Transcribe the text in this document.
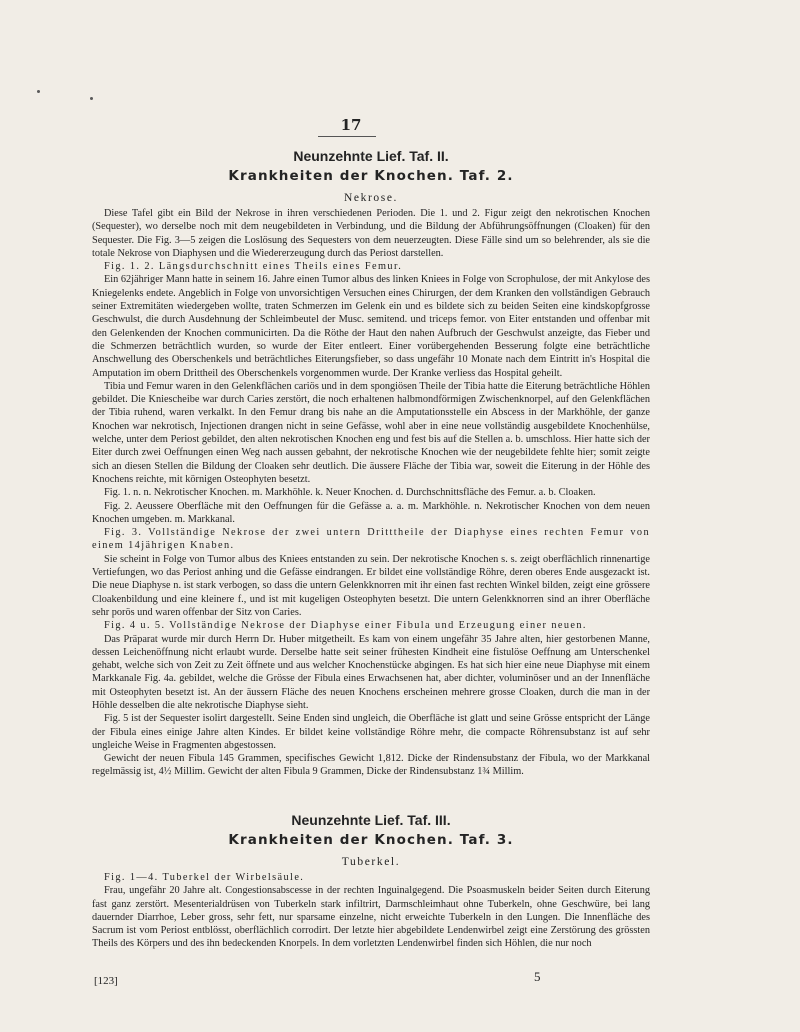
17
Neunzehnte Lief. Taf. II.
Krankheiten der Knochen. Taf. 2.
Nekrose.

Diese Tafel gibt ein Bild der Nekrose in ihren verschiedenen Perioden. Die 1. und 2. Figur zeigt den nekrotischen Knochen (Sequester), wo derselbe noch mit dem neugebildeten in Verbindung, und die Bildung der Abführungsöffnungen (Cloaken) für den Sequester. Die Fig. 3—5 zeigen die Loslösung des Sequesters von dem neuerzeugten. Diese Fälle sind um so belehrender, als sie die totale Nekrose von Diaphysen und die Wiedererzeugung durch das Periost darstellen.

Fig. 1. 2. Längsdurchschnitt eines Theils eines Femur.

Ein 62jähriger Mann hatte in seinem 16. Jahre einen Tumor albus des linken Kniees in Folge von Scrophulose, der mit Ankylose des Kniegelenks endete. Angeblich in Folge von unvorsichtigen Versuchen eines Chirurgen, der dem Kranken den vollständigen Gebrauch seiner Extremitäten wiedergeben wollte, traten Schmerzen im Gelenk ein und es bildete sich zu beiden Seiten eine kindskopfgrosse Geschwulst, die durch Ausdehnung der Schleimbeutel der Musc. semitend. und triceps femor. von Eiter entstanden und offenbar mit den Gelenkenden der Knochen communicirten. Da die Röthe der Haut den nahen Aufbruch der Geschwulst anzeigte, das Fieber und die Schmerzen beträchtlich wurden, so wurde der Eiter entleert. Einer vorübergehenden Besserung folgte eine beträchtliche Anschwellung des Oberschenkels und beträchtliches Eiterungsfieber, so dass ungefähr 10 Monate nach dem Eintritt in's Hospital die Amputation im obern Drittheil des Oberschenkels vorgenommen wurde. Der Kranke verliess das Hospital geheilt.

Tibia und Femur waren in den Gelenkflächen cariös und in dem spongiösen Theile der Tibia hatte die Eiterung beträchtliche Höhlen gebildet. Die Kniescheibe war durch Caries zerstört, die noch erhaltenen halbmondförmigen Zwischenknorpel, auf den Gelenkflächen der Tibia ruhend, waren verkalkt. In den Femur drang bis nahe an die Amputationsstelle ein Abscess in der Markhöhle, der ganze Knochen war nekrotisch, Injectionen drangen nicht in seine Gefässe, wohl aber in eine neue vollständig ausgebildete Knochenhülse, welche, unter dem Periost gebildet, den alten nekrotischen Knochen eng und fest bis auf die Stellen a. b. umschloss. Hier hatte sich der Eiter durch zwei Oeffnungen einen Weg nach aussen gebahnt, der nekrotische Knochen wie der neugebildete fehlte hier; somit zeigte sich an diesen Stellen die Bildung der Cloaken sehr deutlich. Die äussere Fläche der Tibia war, soweit die Eiterung in der Höhle des Knochens reichte, mit körnigen Osteophyten besetzt.

Fig. 1. n. n. Nekrotischer Knochen. m. Markhöhle. k. Neuer Knochen. d. Durchschnittsfläche des Femur. a. b. Cloaken.

Fig. 2. Aeussere Oberfläche mit den Oeffnungen für die Gefässe a. a. m. Markhöhle. n. Nekrotischer Knochen von dem neuen Knochen umgeben. m. Markkanal.

Fig. 3. Vollständige Nekrose der zwei untern Dritttheile der Diaphyse eines rechten Femur von einem 14jährigen Knaben.

Sie scheint in Folge von Tumor albus des Kniees entstanden zu sein. Der nekrotische Knochen s. s. zeigt oberflächlich rinnenartige Vertiefungen, wo das Periost anhing und die Gefässe eindrangen. Er bildet eine vollständige Röhre, deren oberes Ende ausgezackt ist. Die neue Diaphyse n. ist stark verbogen, so dass die untern Gelenkknorren mit ihr einen fast rechten Winkel bilden, zeigt eine grössere Cloakenbildung und eine kleinere f., und ist mit kugeligen Osteophyten besetzt. Die untern Gelenkknorren sind an ihrer Oberfläche sehr porös und waren offenbar der Sitz von Caries.

Fig. 4 u. 5. Vollständige Nekrose der Diaphyse einer Fibula und Erzeugung einer neuen.

Das Präparat wurde mir durch Herrn Dr. Huber mitgetheilt. Es kam von einem ungefähr 35 Jahre alten, hier gestorbenen Manne, dessen Leichenöffnung nicht erlaubt wurde. Derselbe hatte seit seiner frühesten Kindheit eine fistulöse Oeffnung am Unterschenkel gehabt, welche sich von Zeit zu Zeit öffnete und aus welcher Knochenstücke abgingen. Es hat sich hier eine neue Diaphyse mit einem Markkanale Fig. 4a. gebildet, welche die Grösse der Fibula eines Erwachsenen hat, aber dichter, voluminöser und an der Innenfläche mit Osteophyten besetzt ist. An der äussern Fläche des neuen Knochens erscheinen mehrere grosse Cloaken, durch die man in der Höhle desselben die alte nekrotische Diaphyse sieht.

Fig. 5 ist der Sequester isolirt dargestellt. Seine Enden sind ungleich, die Oberfläche ist glatt und seine Grösse entspricht der Länge der Fibula eines einige Jahre alten Kindes. Er bildet keine vollständige Röhre mehr, die compacte Röhrensubstanz ist auf sehr ungleiche Weise in Fragmenten abgestossen.

Gewicht der neuen Fibula 145 Grammen, specifisches Gewicht 1,812. Dicke der Rindensubstanz der Fibula, wo der Markkanal regelmässig ist, 4½ Millim. Gewicht der alten Fibula 9 Grammen, Dicke der Rindensubstanz 1¾ Millim.

Neunzehnte Lief. Taf. III.
Krankheiten der Knochen. Taf. 3.
Tuberkel.

Fig. 1—4. Tuberkel der Wirbelsäule.

Frau, ungefähr 20 Jahre alt. Congestionsabscesse in der rechten Inguinalgegend. Die Psoasmuskeln beider Seiten durch Eiterung fast ganz zerstört. Mesenterialdrüsen von Tuberkeln stark infiltrirt, Darmschleimhaut ohne Tuberkeln, ohne Geschwüre, bei lang dauernder Diarrhoe, Leber gross, sehr fett, nur sparsame einzelne, nicht erweichte Tuberkeln in den Lungen. Die Innenfläche des Sacrum ist vom Periost entblösst, oberflächlich corrodirt. Der letzte hier abgebildete Lendenwirbel zeigt eine Zerstörung des grössten Theils des Körpers und des ihn bedeckenden Knorpels. In dem vorletzten Lendenwirbel finden sich Höhlen, die nur noch

[123]	5
